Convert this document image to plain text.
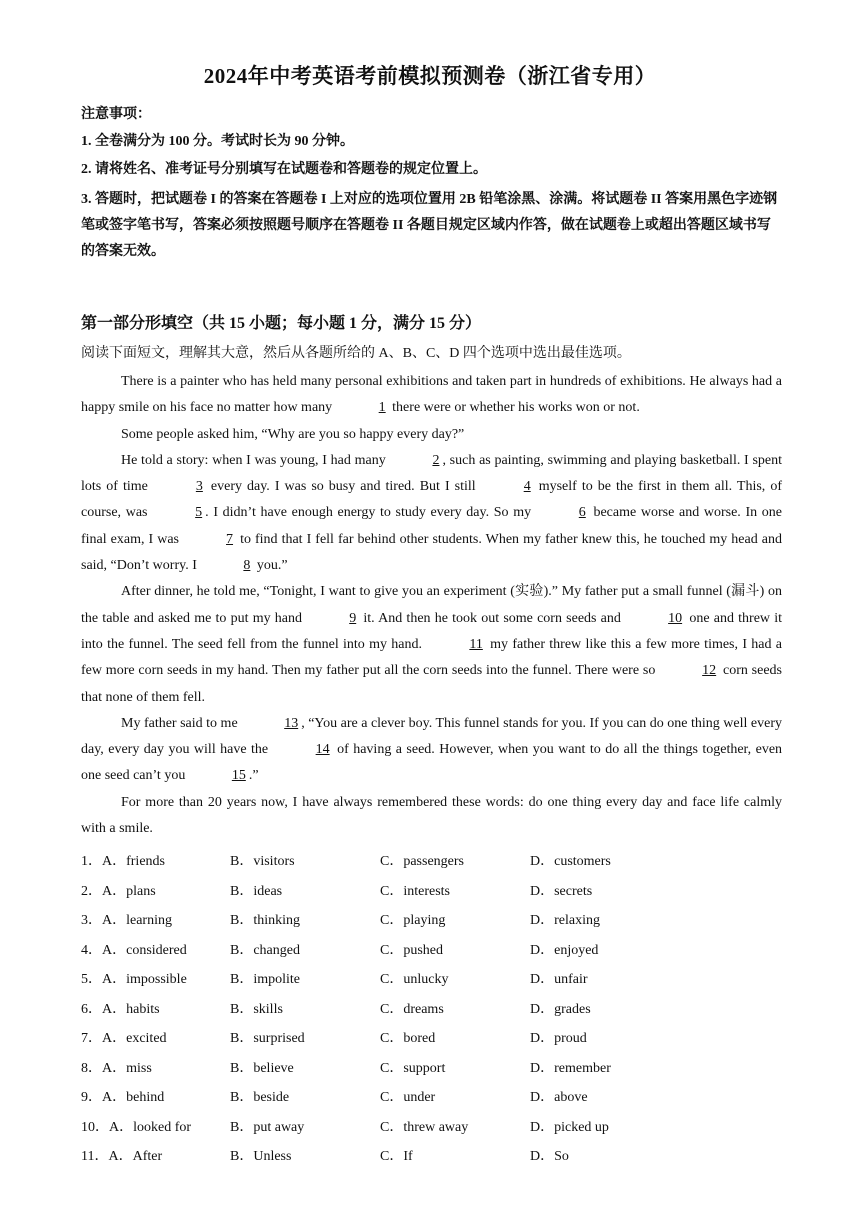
2024年中考英语考前模拟预测卷（浙江省专用）
注意事项：
1. 全卷满分为 100 分。考试时长为 90 分钟。
2. 请将姓名、准考证号分别填写在试题卷和答题卷的规定位置上。
3. 答题时，把试题卷 I 的答案在答题卷 I 上对应的选项位置用 2B 铅笔涂黑、涂满。将试题卷 II 答案用黑色字迹钢笔或签字笔书写，答案必须按照题号顺序在答题卷 II 各题目规定区域内作答，做在试题卷上或超出答题区域书写的答案无效。
第一部分形填空（共 15 小题；每小题 1 分，满分 15 分）
阅读下面短文，理解其大意，然后从各题所给的 A、B、C、D 四个选项中选出最佳选项。

There is a painter who has held many personal exhibitions and taken part in hundreds of exhibitions. He always had a happy smile on his face no matter how many	1 there were or whether his works won or not.

Some people asked him, “Why are you so happy every day?”

He told a story: when I was young, I had many	2 , such as painting, swimming and playing basketball. I spent lots of time	3 every day. I was so busy and tired. But I still	4 myself to be the first in them all. This, of course, was	5 . I didn’t have enough energy to study every day. So my	6 became worse and worse. In one final exam, I was	7 to find that I fell far behind other students. When my father knew this, he touched my head and said, “Don’t worry. I	8 you.”

After dinner, he told me, “Tonight, I want to give you an experiment (实验).” My father put a small funnel (漏斗) on the table and asked me to put my hand	9 it. And then he took out some corn seeds and	10 one and threw it into the funnel. The seed fell from the funnel into my hand.	11 my father threw like this a few more times, I had a few more corn seeds in my hand. Then my father put all the corn seeds into the funnel. There were so	12 corn seeds that none of them fell.

My father said to me	13 , “You are a clever boy. This funnel stands for you. If you can do one thing well every day, every day you will have the	14 of having a seed. However, when you want to do all the things together, even one seed can’t you	15 .”

For more than 20 years now, I have always remembered these words: do one thing every day and face life calmly with a smile.

1．A．friends	B．visitors	C．passengers	D．customers
2．A．plans	B．ideas	C．interests	D．secrets
3．A．learning	B．thinking	C．playing	D．relaxing
4．A．considered	B．changed	C．pushed	D．enjoyed
5．A．impossible	B．impolite	C．unlucky	D．unfair
6．A．habits	B．skills	C．dreams	D．grades
7．A．excited	B．surprised	C．bored	D．proud
8．A．miss	B．believe	C．support	D．remember
9．A．behind	B．beside	C．under	D．above
10．A．looked for	B．put away	C．threw away	D．picked up
11．A．After	B．Unless	C．If	D．So
